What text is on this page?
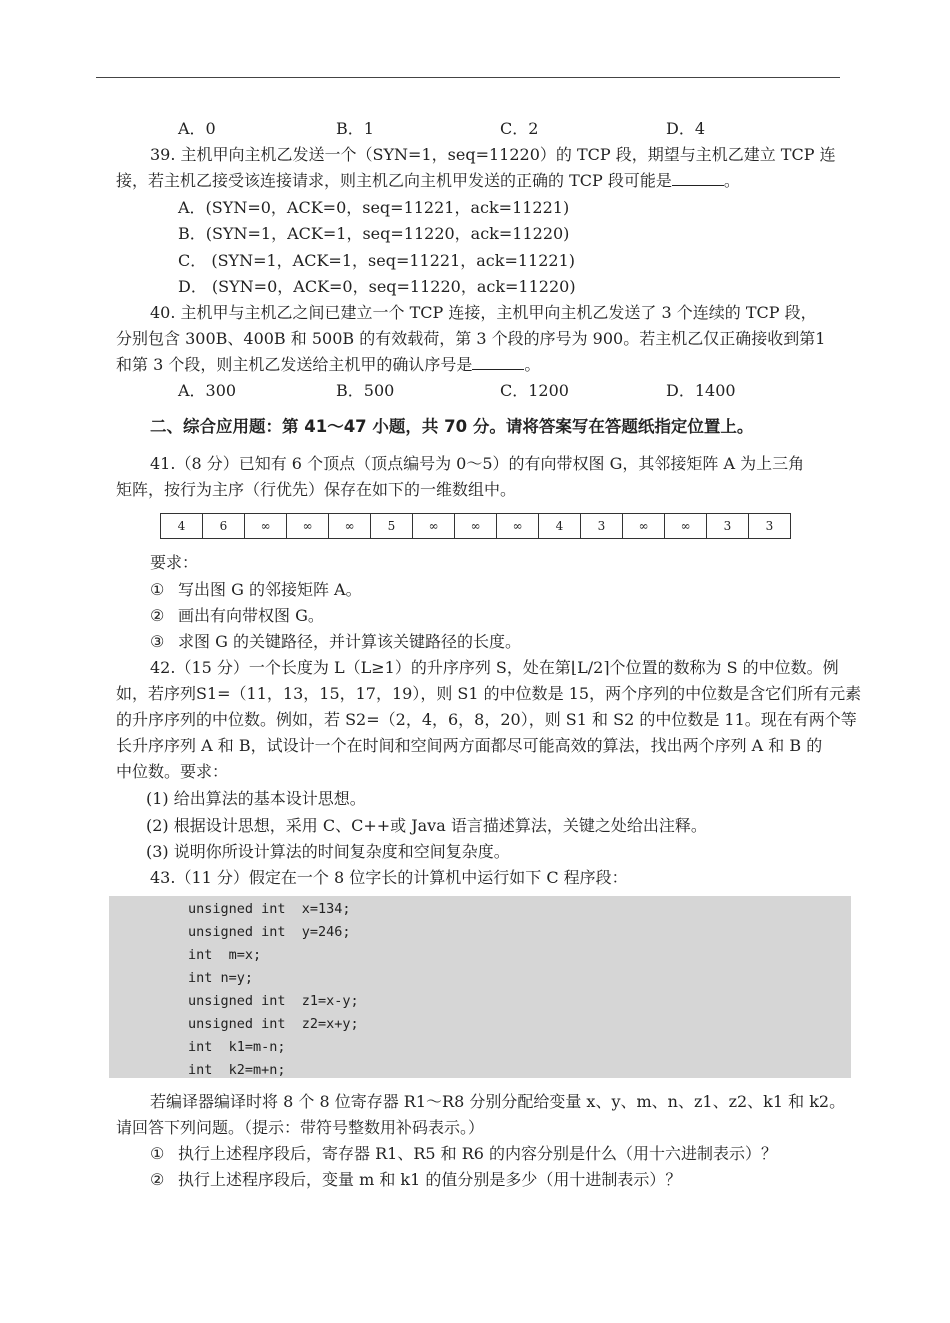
A．0	B．1	C．2	D．4
39. 主机甲向主机乙发送一个（SYN=1，seq=11220）的 TCP 段，期望与主机乙建立 TCP 连
接，若主机乙接受该连接请求，则主机乙向主机甲发送的正确的 TCP 段可能是	。
A．(SYN=0，ACK=0，seq=11221，ack=11221)
B．(SYN=1，ACK=1，seq=11220，ack=11220)
C． (SYN=1，ACK=1，seq=11221，ack=11221)
D． (SYN=0，ACK=0，seq=11220，ack=11220)
40. 主机甲与主机乙之间已建立一个 TCP 连接，主机甲向主机乙发送了 3 个连续的 TCP 段，
分别包含 300B、400B 和 500B 的有效载荷，第 3 个段的序号为 900。若主机乙仅正确接收到第1
和第 3 个段，则主机乙发送给主机甲的确认序号是	。
A．300	B．500	C．1200	D．1400
二、综合应用题：第 41～47 小题，共 70 分。请将答案写在答题纸指定位置上。
41.（8 分）已知有 6 个顶点（顶点编号为 0～5）的有向带权图 G，其邻接矩阵 A 为上三角
矩阵，按行为主序（行优先）保存在如下的一维数组中。
4	6	∞	∞	∞	5	∞	∞	∞	4	3	∞	∞	3	3
要求：
① 写出图 G 的邻接矩阵 A。
② 画出有向带权图 G。
③ 求图 G 的关键路径，并计算该关键路径的长度。
42.（15 分）一个长度为 L（L≥1）的升序序列 S，处在第⌊L/2⌉个位置的数称为 S 的中位数。例
如，若序列S1=（11，13，15，17，19），则 S1 的中位数是 15，两个序列的中位数是含它们所有元素
的升序序列的中位数。例如，若 S2=（2，4，6，8，20），则 S1 和 S2 的中位数是 11。现在有两个等
长升序序列 A 和 B，试设计一个在时间和空间两方面都尽可能高效的算法，找出两个序列 A 和 B 的
中位数。要求：
(1) 给出算法的基本设计思想。
(2) 根据设计思想，采用 C、C++或 Java 语言描述算法，关键之处给出注释。
(3) 说明你所设计算法的时间复杂度和空间复杂度。
43.（11 分）假定在一个 8 位字长的计算机中运行如下 C 程序段：
unsigned int  x=134;
unsigned int  y=246;
int  m=x;
int n=y;
unsigned int  z1=x-y;
unsigned int  z2=x+y;
int  k1=m-n;
int  k2=m+n;
若编译器编译时将 8 个 8 位寄存器 R1～R8 分别分配给变量 x、y、m、n、z1、z2、k1 和 k2。
请回答下列问题。（提示：带符号整数用补码表示。）
① 执行上述程序段后，寄存器 R1、R5 和 R6 的内容分别是什么（用十六进制表示）？
② 执行上述程序段后，变量 m 和 k1 的值分别是多少（用十进制表示）？
